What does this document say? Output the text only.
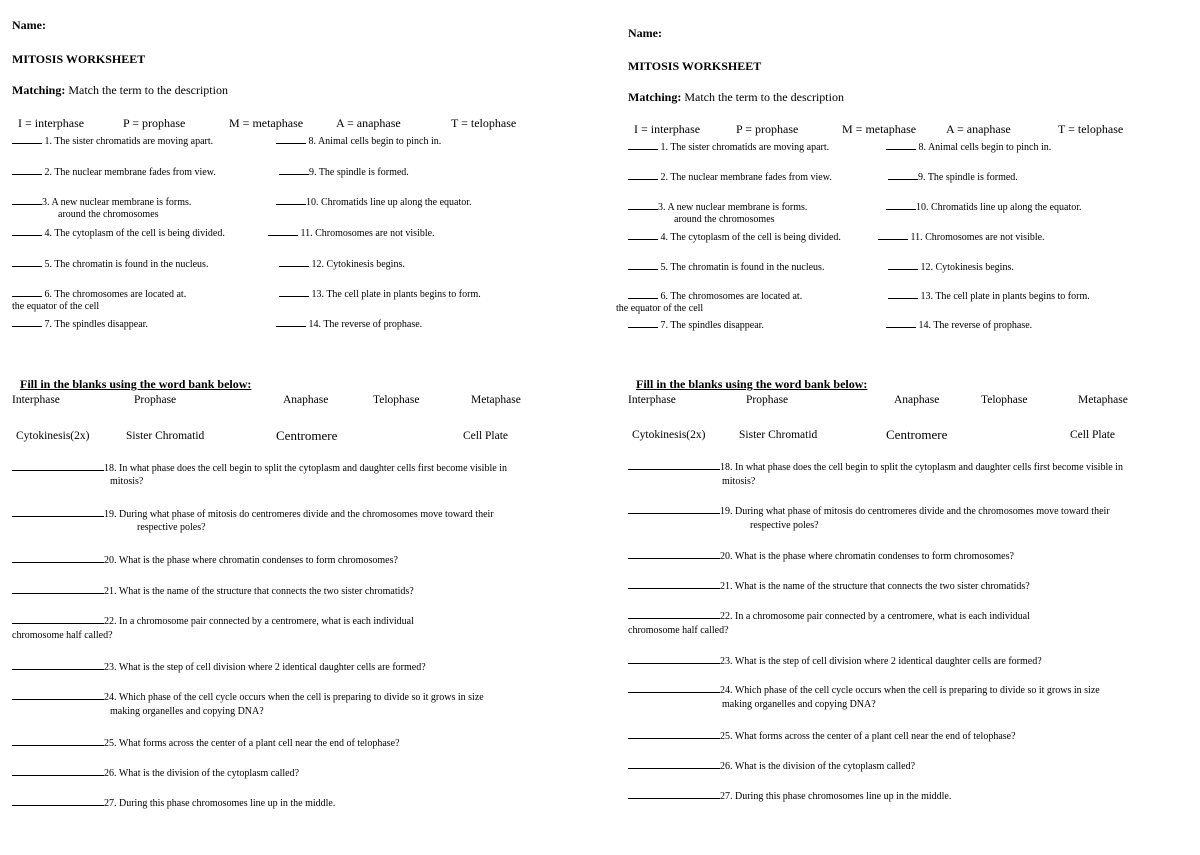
Name:
MITOSIS WORKSHEET
Matching: Match the term to the description
I = interphase	P = prophase	M = metaphase	A = anaphase	T = telophase
1. The sister chromatids are moving apart.
2. The nuclear membrane fades from view.
3. A new nuclear membrane is forms.
around the chromosomes
4. The cytoplasm of the cell is being divided.
5. The chromatin is found in the nucleus.
6. The chromosomes are located at.
the equator of the cell
7. The spindles disappear.
8. Animal cells begin to pinch in.
9. The spindle is formed.
10. Chromatids line up along the equator.
11. Chromosomes are not visible.
12. Cytokinesis begins.
13. The cell plate in plants begins to form.
14. The reverse of prophase.
Fill in the blanks using the word bank below:
Interphase	Prophase	Anaphase	Telophase	Metaphase
Cytokinesis(2x)	Sister Chromatid	Centromere	Cell Plate
18. In what phase does the cell begin to split the cytoplasm and daughter cells first become visible in
mitosis?
19. During what phase of mitosis do centromeres divide and the chromosomes move toward their
respective poles?
20. What is the phase where chromatin condenses to form chromosomes?
21. What is the name of the structure that connects the two sister chromatids?
22. In a chromosome pair connected by a centromere, what is each individual
chromosome half called?
23. What is the step of cell division where 2 identical daughter cells are formed?
24. Which phase of the cell cycle occurs when the cell is preparing to divide so it grows in size
making organelles and copying DNA?
25. What forms across the center of a plant cell near the end of telophase?
26. What is the division of the cytoplasm called?
27. During this phase chromosomes line up in the middle.
Name:
MITOSIS WORKSHEET
Matching: Match the term to the description
I = interphase	P = prophase	M = metaphase A = anaphase	T = telophase
1. The sister chromatids are moving apart.
2. The nuclear membrane fades from view.
3. A new nuclear membrane is forms.
around the chromosomes
4. The cytoplasm of the cell is being divided.
5. The chromatin is found in the nucleus.
6. The chromosomes are located at.
the equator of the cell
7. The spindles disappear.
8. Animal cells begin to pinch in.
9. The spindle is formed.
10. Chromatids line up along the equator.
11. Chromosomes are not visible.
12. Cytokinesis begins.
13. The cell plate in plants begins to form.
14. The reverse of prophase.
Fill in the blanks using the word bank below:
Interphase	Prophase	Anaphase	Telophase	Metaphase
Cytokinesis(2x)	Sister Chromatid	Centromere	Cell Plate
18. In what phase does the cell begin to split the cytoplasm and daughter cells first become visible in
mitosis?
19. During what phase of mitosis do centromeres divide and the chromosomes move toward their
respective poles?
20. What is the phase where chromatin condenses to form chromosomes?
21. What is the name of the structure that connects the two sister chromatids?
22. In a chromosome pair connected by a centromere, what is each individual
chromosome half called?
23. What is the step of cell division where 2 identical daughter cells are formed?
24. Which phase of the cell cycle occurs when the cell is preparing to divide so it grows in size
making organelles and copying DNA?
25. What forms across the center of a plant cell near the end of telophase?
26. What is the division of the cytoplasm called?
27. During this phase chromosomes line up in the middle.
